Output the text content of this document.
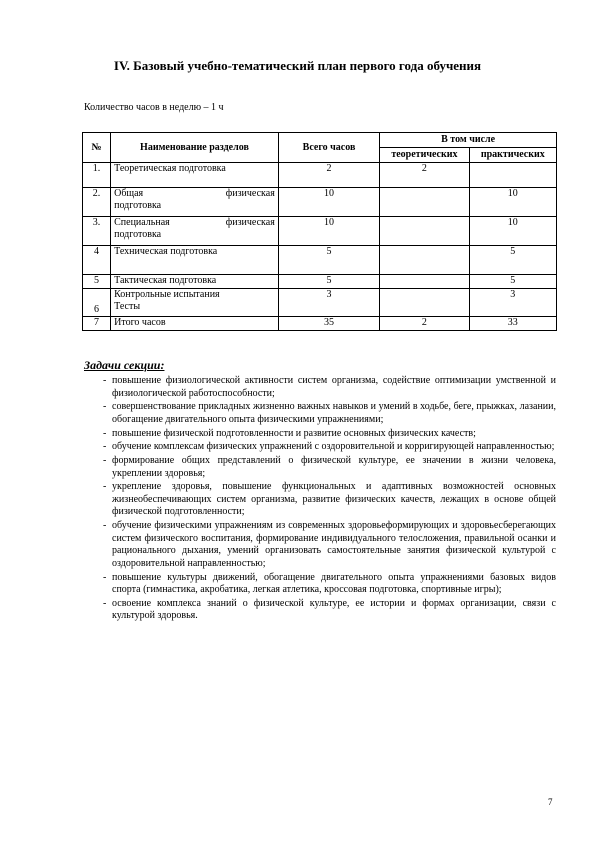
IV. Базовый учебно-тематический план первого года обучения
Количество часов в неделю – 1 ч
№	Наименование разделов	Всего часов	В том числе	
			теоретических	практических
1.	Теоретическая подготовка	2	2	
2.	Общая физическая
подготовка	10		10
3.	Специальная физическая
подготовка	10		10
4	Техническая подготовка	5		5
5	Тактическая подготовка	5		5
6	Контрольные испытания
Тесты	3		3
7	Итого часов	35	2	33
Задачи секции:
- повышение физиологической активности систем организма, содействие оптимизации умственной и физиологической работоспособности;
- совершенствование прикладных жизненно важных навыков и умений в ходьбе, беге, прыжках, лазании, обогащение двигательного опыта физическими упражнениями;
- повышение физической подготовленности и развитие основных физических качеств;
- обучение комплексам физических упражнений с оздоровительной и корригирующей направленностью;
- формирование общих представлений о физической культуре, ее значении в жизни человека, укреплении здоровья;
- укрепление здоровья, повышение функциональных и адаптивных возможностей основных жизнеобеспечивающих систем организма, развитие физических качеств, лежащих в основе общей физической подготовленности;
- обучение физическими упражнениям из современных здоровьеформирующих и здоровьесберегающих систем физического воспитания, формирование индивидуального телосложения, правильной осанки и рационального дыхания, умений организовать самостоятельные занятия физической культурой с оздоровительной направленностью;
- повышение культуры движений, обогащение двигательного опыта упражнениями базовых видов спорта (гимнастика, акробатика, легкая атлетика, кроссовая подготовка, спортивные игры);
- освоение комплекса знаний о физической культуре, ее истории и формах организации, связи с культурой здоровья.
7
